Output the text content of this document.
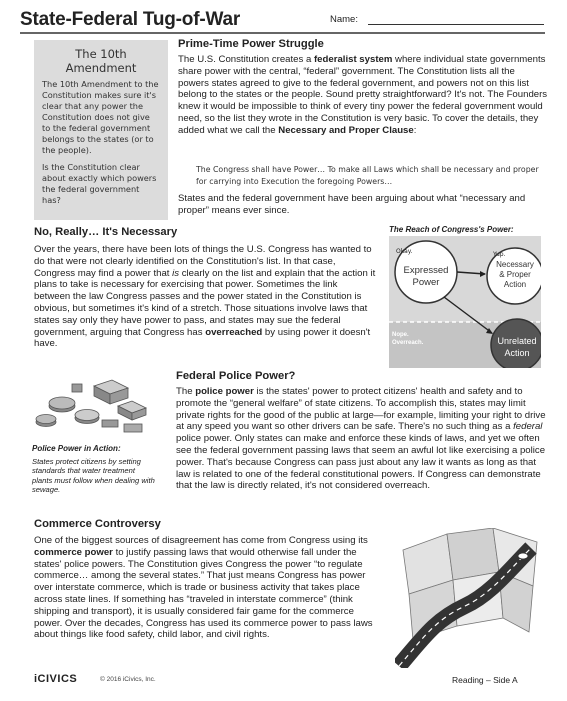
State-Federal Tug-of-War	Name:
The 10th Amendment
The 10th Amendment to the Constitution makes sure it's clear that any power the Constitution does not give to the federal government belongs to the states (or to the people).
Is the Constitution clear about exactly which powers the federal government has?
Prime-Time Power Struggle
The U.S. Constitution creates a federalist system where individual state governments share power with the central, “federal” government. The Constitution lists all the powers states agreed to give to the federal government, and powers not on this list belong to the states or the people. Sound pretty straightforward? It's not. The Founders knew it would be impossible to think of every tiny power the federal government would need, so the list they wrote in the Constitution is very basic. To cover the details, they added what we call the Necessary and Proper Clause:
The Congress shall have Power… To make all Laws which shall be necessary and proper for carrying into Execution the foregoing Powers…
States and the federal government have been arguing about what “necessary and proper” means ever since.
No, Really… It's Necessary
Over the years, there have been lots of things the U.S. Congress has wanted to do that were not clearly identified on the Constitution's list. In that case, Congress may find a power that is clearly on the list and explain that the action it plans to take is necessary for exercising that power. Sometimes the link between the law Congress passes and the power stated in the Constitution is obvious, but sometimes it's kind of a stretch. Those situations involve laws that states say only they have power to pass, and states may sue the federal government, arguing that Congress has overreached by using power it doesn't have.
The Reach of Congress's Power:
Okay.	Yup.
Expressed
Power
Necessary
& Proper
Action
Nope.
Overreach.	Unrelated
Action
Police Power in Action:
States protect citizens by setting standards that water treatment plants must follow when dealing with sewage.
Federal Police Power?
The police power is the states' power to protect citizens' health and safety and to promote the “general welfare” of state citizens. To accomplish this, states may limit private rights for the good of the public at large—for example, limiting your right to drive at any speed you want so other drivers can be safe. There's no such thing as a federal police power. Only states can make and enforce these kinds of laws, and yet we often see the federal government passing laws that seem an awful lot like exercising a police power. That's because Congress can pass just about any law it wants as long as that law is related to one of the federal constitutional powers. If Congress can demonstrate that the law is directly related, it's not considered overreach.
Commerce Controversy
One of the biggest sources of disagreement has come from Congress using its commerce power to justify passing laws that would otherwise fall under the states' police powers. The Constitution gives Congress the power “to regulate commerce… among the several states.” That just means Congress has power over interstate commerce, which is trade or business activity that takes place across state lines. If something has “traveled in interstate commerce” (think shipping and transport), it is usually considered fair game for the commerce power. Over the decades, Congress has used its commerce power to pass laws about things like food safety, child labor, and civil rights.
iCIVICS	© 2016 iCivics, Inc.	Reading – Side A
